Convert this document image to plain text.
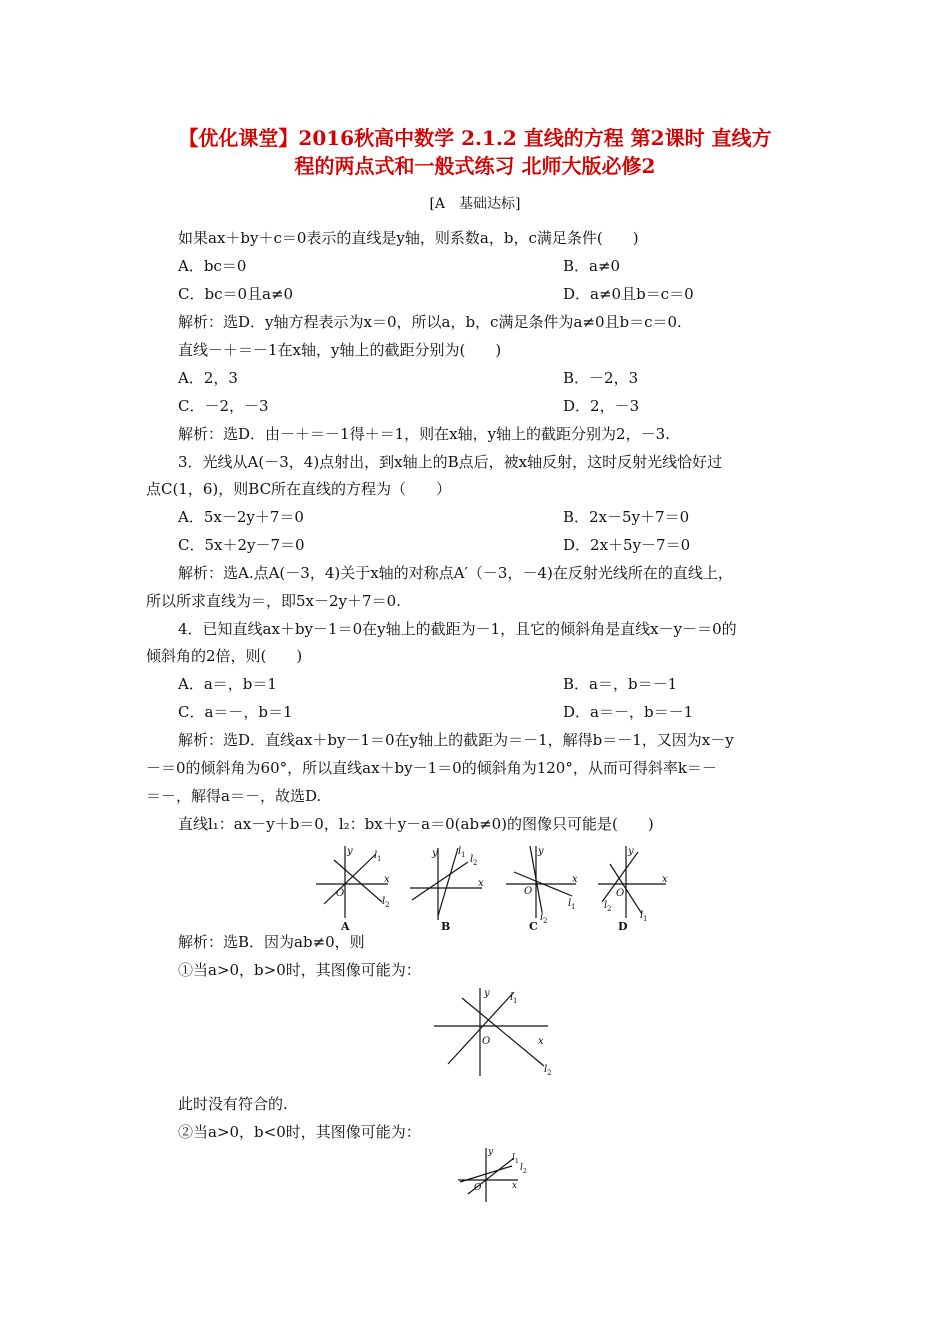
【优化课堂】2016秋高中数学 2.1.2 直线的方程 第2课时 直线方
程的两点式和一般式练习 北师大版必修2
[A　基础达标]
如果ax＋by＋c＝0表示的直线是y轴，则系数a，b，c满足条件(　　)
A．bc＝0	B．a≠0
C．bc＝0且a≠0	D．a≠0且b＝c＝0
解析：选D．y轴方程表示为x＝0，所以a，b，c满足条件为a≠0且b＝c＝0.
直线－＋＝－1在x轴，y轴上的截距分别为(　　)
A．2，3	B．－2，3
C．－2，－3	D．2，－3
解析：选D．由－＋＝－1得＋＝1，则在x轴，y轴上的截距分别为2，－3.
3．光线从A(－3，4)点射出，到x轴上的B点后，被x轴反射，这时反射光线恰好过
点C(1，6)，则BC所在直线的方程为（　　）
A．5x－2y＋7＝0	B．2x－5y＋7＝0
C．5x＋2y－7＝0	D．2x＋5y－7＝0
解析：选A.点A(－3，4)关于x轴的对称点A′（－3，－4)在反射光线所在的直线上，
所以所求直线为＝，即5x－2y＋7＝0.
4．已知直线ax＋by－1＝0在y轴上的截距为－1，且它的倾斜角是直线x－y－＝0的
倾斜角的2倍，则(　　)
A．a＝，b＝1	B．a＝，b＝－1
C．a＝－，b＝1	D．a＝－，b＝－1
解析：选D．直线ax＋by－1＝0在y轴上的截距为＝－1，解得b＝－1，又因为x－y
－＝0的倾斜角为60°，所以直线ax＋by－1＝0的倾斜角为120°，从而可得斜率k＝－
＝－，解得a＝－，故选D.
直线l₁：ax－y＋b＝0，l₂：bx＋y－a＝0(ab≠0)的图像只可能是(　　)
y
x
O
l 1
l 2
y
x
l 1 l 2
y
x
O
l 1
l 2
y
x
O
l 1
l 2
A	B	C	D
解析：选B．因为ab≠0，则
①当a>0，b>0时，其图像可能为：
y
x
O
l 1
l 2
此时没有符合的.
②当a>0，b<0时，其图像可能为：
y
x
O
l 1
l 2
